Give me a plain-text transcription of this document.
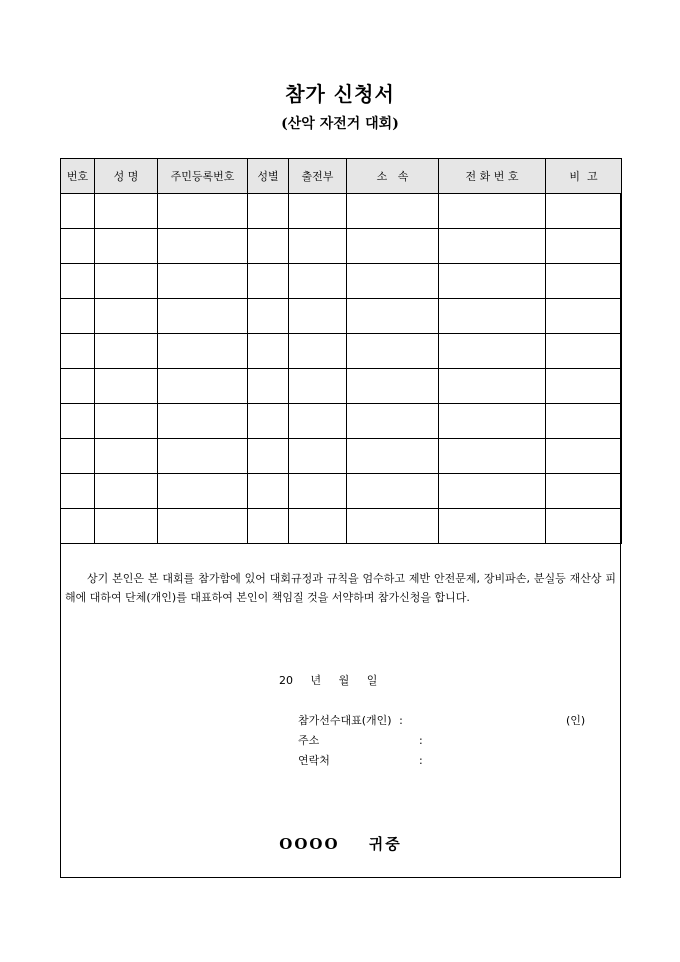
참가 신청서
(산악 자전거 대회)
번호	성 명	주민등록번호	성별	출전부	소   속	전 화 번 호	비  고

상기 본인은 본 대회를 참가함에 있어 대회규정과 규칙을 엄수하고 제반 안전문제, 장비파손, 분실등 재산상 피해에 대하여 단체(개인)를 대표하여 본인이 책임질 것을 서약하며 참가신청을 합니다.
20 년 월 일
참가선수대표(개인) :	(인)
주소	:
연락처	:
OOOO 귀중
